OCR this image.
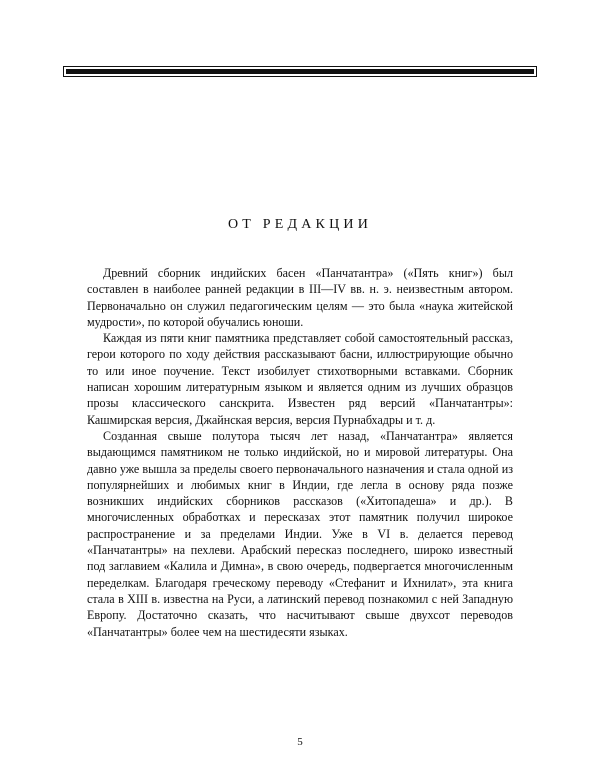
ОТ РЕДАКЦИИ

Древний сборник индийских басен «Панчатантра» («Пять книг») был составлен в наиболее ранней редакции в III—IV вв. н. э. неизвестным автором. Первоначально он служил педагогическим целям — это была «наука житейской мудрости», по которой обучались юноши.

Каждая из пяти книг памятника представляет собой самостоятельный рассказ, герои которого по ходу действия рассказывают басни, иллюстрирующие обычно то или иное поучение. Текст изобилует стихотворными вставками. Сборник написан хорошим литературным языком и является одним из лучших образцов прозы классического санскрита. Известен ряд версий «Панчатантры»: Кашмирская версия, Джайнская версия, версия Пурнабхадры и т. д.

Созданная свыше полутора тысяч лет назад, «Панчатантра» является выдающимся памятником не только индийской, но и мировой литературы. Она давно уже вышла за пределы своего первоначального назначения и стала одной из популярнейших и любимых книг в Индии, где легла в основу ряда позже возникших индийских сборников рассказов («Хитопадеша» и др.). В многочисленных обработках и пересказах этот памятник получил широкое распространение и за пределами Индии. Уже в VI в. делается перевод «Панчатантры» на пехлеви. Арабский пересказ последнего, широко известный под заглавием «Калила и Димна», в свою очередь, подвергается многочисленным переделкам. Благодаря греческому переводу «Стефанит и Ихнилат», эта книга стала в XIII в. известна на Руси, а латинский перевод познакомил с ней Западную Европу. Достаточно сказать, что насчитывают свыше двухсот переводов «Панчатантры» более чем на шестидесяти языках.

5
